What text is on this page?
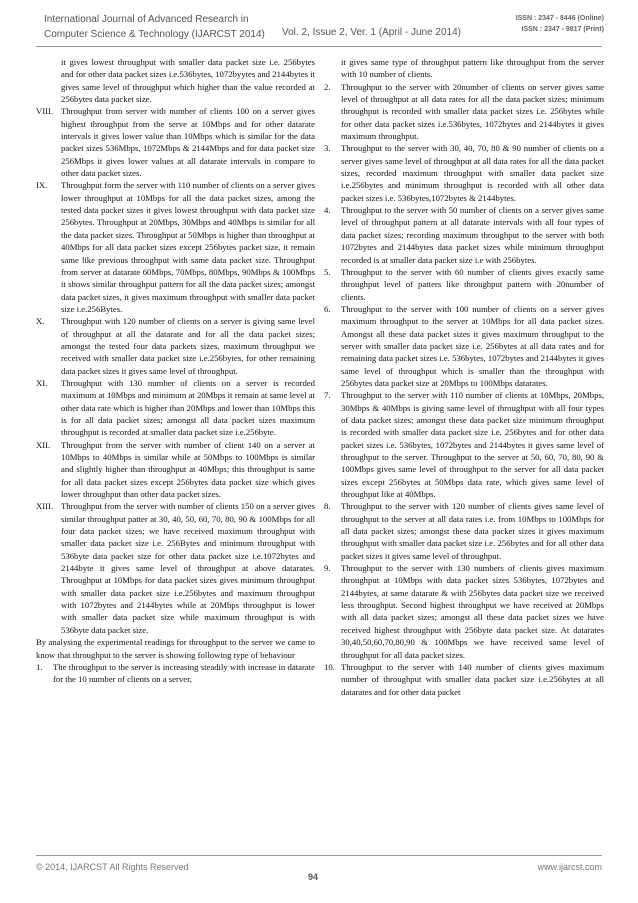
International Journal of Advanced Research in
Computer Science & Technology (IJARCST 2014)	Vol. 2, Issue 2, Ver. 1 (April - June 2014)
ISSN : 2347 - 8446 (Online)
ISSN : 2347 - 9817 (Print)

it gives lowest throughput with smaller data packet size i.e. 256bytes and for other data packet sizes i.e.536bytes, 1072byytes and 2144bytes it gives same level of throughput which higher than the value recorded at 256bytes data packet size.

VIII. Throughput from server with number of clients 100 on a server gives highest throughput from the serve at 10Mbps and for other datarate intervals it gives lower value than 10Mbps which is similar for the data packet sizes 536Mbps, 1072Mbps & 2144Mbps and for data packet size 256Mbps it gives lower values at all datarate intervals in compare to other data packet sizes.
IX. Throughput form the server with 110 number of clients on a server gives lower throughput at 10Mbps for all the data packet sizes, among the tested data packet sizes it gives lowest throughput with data packet size 256bytes. Throughput at 20Mbps, 30Mbps and 40Mbps is similar for all the data packet sizes. Throughput at 50Mbps is higher than throughput at 40Mbps for all data packet sizes except 256bytes packet size, it remain same like previous throughput with same data packet size. Throughput from server at datarate 60Mbps, 70Mbps, 80Mbps, 90Mbps & 100Mbps it shows similar throughput pattern for all the data packet sizes; amongst data packet sizes, it gives maximum throughput with smaller data packet size i.e.256Bytes.
X. Throughput with 120 number of clients on a server is giving same level of throughput at all the datarate and for all the data packet sizes; amongst the tested four data packets sizes, maximum throughput we received with smaller data packet size i.e.256bytes, for other remaining data packet sizes it gives same level of throughput.
XI. Throughput with 130 number of clients on a server is recorded maximum at 10Mbps and minimum at 20Mbps it remain at same level at other data rate which is higher than 20Mbps and lower than 10Mbps this is for all data packet sizes; amongst all data packet sizes maximum throughput is recorded at smaller data packet size i.e.256byte.
XII. Throughput from the server with number of client 140 on a server at 10Mbps to 40Mbps is similar while at 50Mbps to 100Mbps is similar and slightly higher than throughput at 40Mbps; this throughput is same for all data packet sizes except 256bytes data packet size which gives lower throughput than other data packet sizes.
XIII. Throughput from the server with number of clients 150 on a server gives similar throughput patter at 30, 40, 50, 60, 70, 80, 90 & 100Mbps for all four data packet sizes; we have received maximum throughput with smaller data packet size i.e. 256Bytes and minimum throughput with 536byte data packet size for other data packet size i.e.1072bytes and 2144byte it gives same level of throughput at above datarates. Throughput at 10Mbps for data packet sizes gives minimum throughput with smaller data packet size i.e.256bytes and maximum throughput with 1072bytes and 2144bytes while at 20Mbps throughput is lower with smaller data packet size while maximum throughput is with 536byte data packet size.

By analysing the experimental readings for throughput to the server we came to know that throughput to the server is showing following type of behaviour

1. The throughput to the server is increasing steadily with increase in datarate for the 10 number of clients on a server,

it gives same type of throughput pattern like throughput from the server with 10 number of clients.

2. Throughput to the server with 20number of clients on server gives same level of throughput at all data rates for all the data packet sizes; minimum throughput is recorded with smaller data packet sizes i.e. 256bytes while for other data packet sizes i.e.536bytes, 1072bytes and 2144bytes it gives maximum throughput.
3. Throughput to the server with 30, 40, 70, 80 & 90 number of clients on a server gives same level of throughput at all data rates for all the data packet sizes, recorded maximum throughput with smaller data packet size i.e.256bytes and minimum throughput is recorded with all other data packet sizes i.e. 536bytes,1072bytes & 2144bytes.
4. Throughput to the server with 50 number of clients on a server gives same level of throughput pattern at all datarate intervals with all four types of data packet sizes; recording maximum throughput to the server with both 1072bytes and 2144bytes data packet sizes while minimum throughput recorded is at smaller data packet size i.e with 256bytes.
5. Throughput to the server with 60 number of clients gives exactly same throughput level of patters like throughput pattern with 20number of clients.
6. Throughput to the server with 100 number of clients on a server gives maximum throughput to the server at 10Mbps for all data packet sizes. Amongst all these data packet sizes it gives maximum throughput to the server with smaller data packet size i.e. 256bytes at all data rates and for remaining data packet sizes i.e. 536bytes, 1072bytes and 2144bytes it gives same level of throughput which is smaller than the throughput with 256bytes data packet size at 20Mbps to 100Mbps datarates.
7. Throughput to the server with 110 number of clients at 10Mbps, 20Mbps, 30Mbps & 40Mbps is giving same level of throughput with all four types of data packet sizes; amongst these data packet size minimum throughput is recorded with smaller data packet size i.e. 256bytes and for other data packet sizes i.e. 536bytes, 1072bytes and 2144bytes it gives same level of throughput to the server. Throughput to the server at 50, 60, 70, 80, 90 & 100Mbps gives same level of throughput to the server for all data packet sizes except 256bytes at 50Mbps data rate, which gives same level of throughput like at 40Mbps.
8. Throughput to the server with 120 number of clients gives same level of throughput to the server at all data rates i.e. from 10Mbps to 100Mbps for all data packet sizes; amongst these data packet sizes it gives maximum throughput with smaller data packet size i.e. 256bytes and for all other data packet sizes it gives same level of throughput.
9. Throughput to the server with 130 numbers of clients gives maximum throughput at 10Mbps with data packet sizes 536bytes, 1072bytes and 2144bytes, at same datarate & with 256bytes data packet size we received less throughput. Second highest throughput we have received at 20Mbps with all data packet sizes; amongst all these data packet sizes we have received highest throughput with 256byte data packet size. At datarates 30,40,50,60,70,80,90 & 100Mbps we have received same level of throughput for all data packet sizes.
10. Throughput to the server with 140 number of clients gives maximum number of throughput with smaller data packet size i.e.256bytes at all datarates and for other data packet
© 2014, IJARCST All Rights Reserved
94
www.ijarcst.com
